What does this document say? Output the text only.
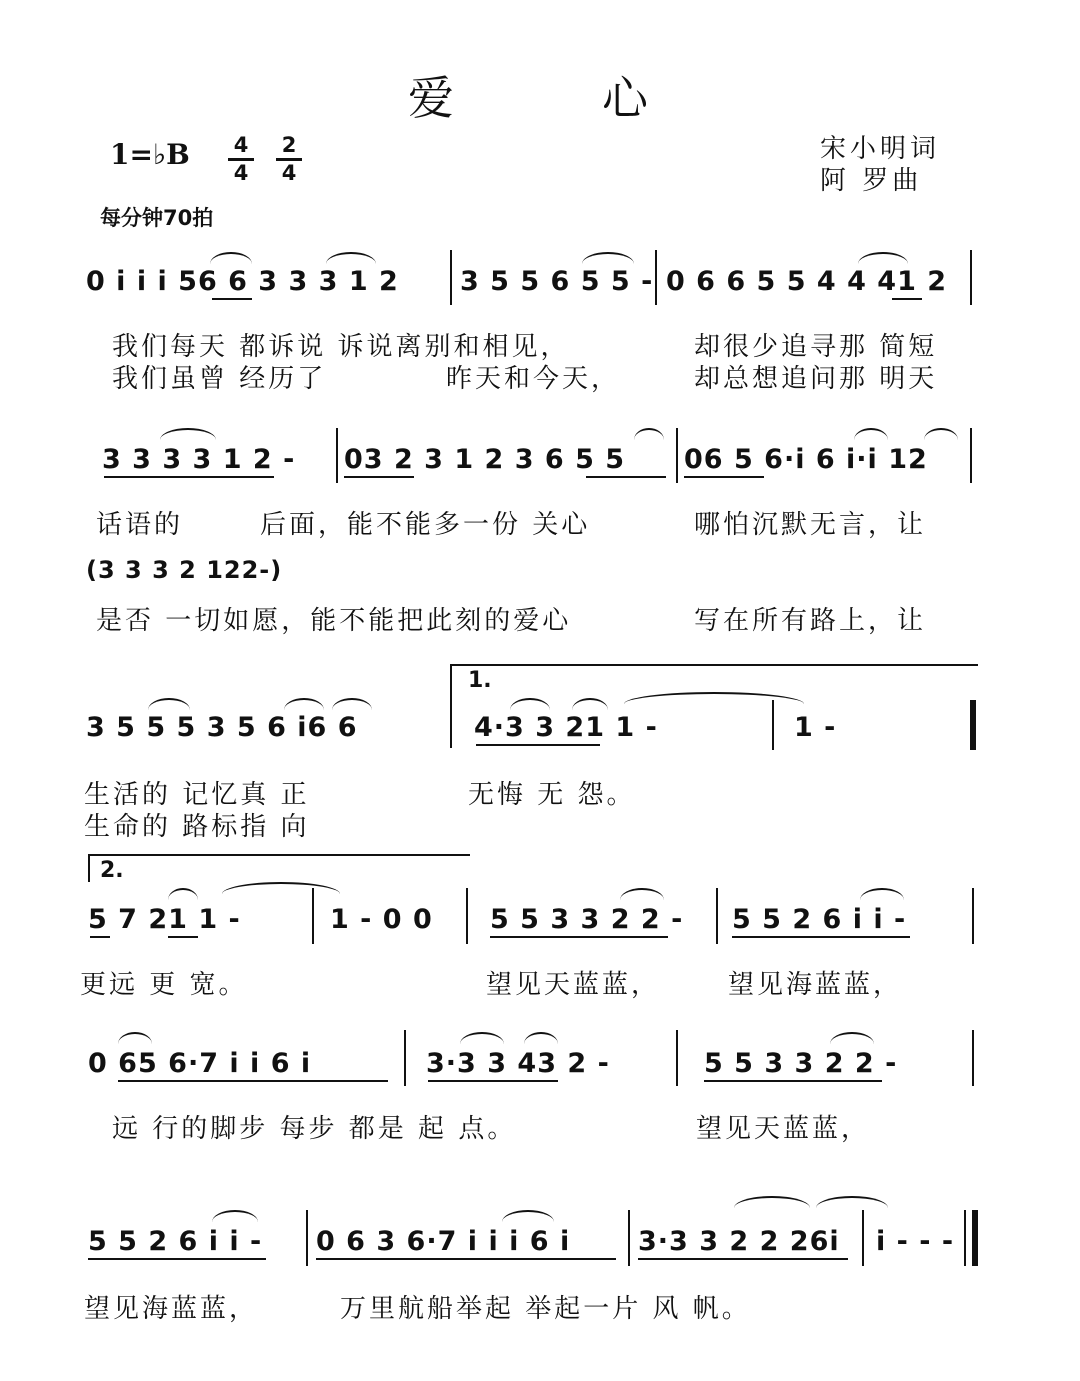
爱	心
1=♭B 4
4
2
4
宋小明词
阿 罗曲
每分钟70拍
0 i i i 56 6 3 3 3 1 2 3 5 5 6 5 5 - 0 6 6 5 5 4 4 41 2
我们每天 都诉说 诉说离别和相见，	却很少追寻那 简短
我们虽曾 经历了	昨天和今天，	却总想追问那 明天
3 3 3 3 1 2 - 03 2 3 1 2 3 6 5 5 06 5 6·i 6 i·i 12
话语的	后面，能不能多一份 关心	哪怕沉默无言，让
(3 3 3 2 122-)
是否 一切如愿，能不能把此刻的爱心	写在所有路上，让
1.
3 5 5 5 3 5 6 i6 6	4·3 3 21 1 -	1 -
生活的 记忆真 正	无悔 无 怨。
生命的 路标指 向
2.
5 7 21 1 -	1 - 0 0 5 5 3 3 2 2 - 5 5 2 6 i i -
更远 更 宽。	望见天蓝蓝，	望见海蓝蓝，
0 65 6·7 i i 6 i	3·3 3 43 2 -	5 5 3 3 2 2 -
远 行的脚步 每步 都是 起 点。	望见天蓝蓝，
5 5 2 6 i i - 0 6 3 6·7 i i i 6 i	3·3 3 2 2 26i i - - -
望见海蓝蓝，	万里航船举起 举起一片 风 帆。
